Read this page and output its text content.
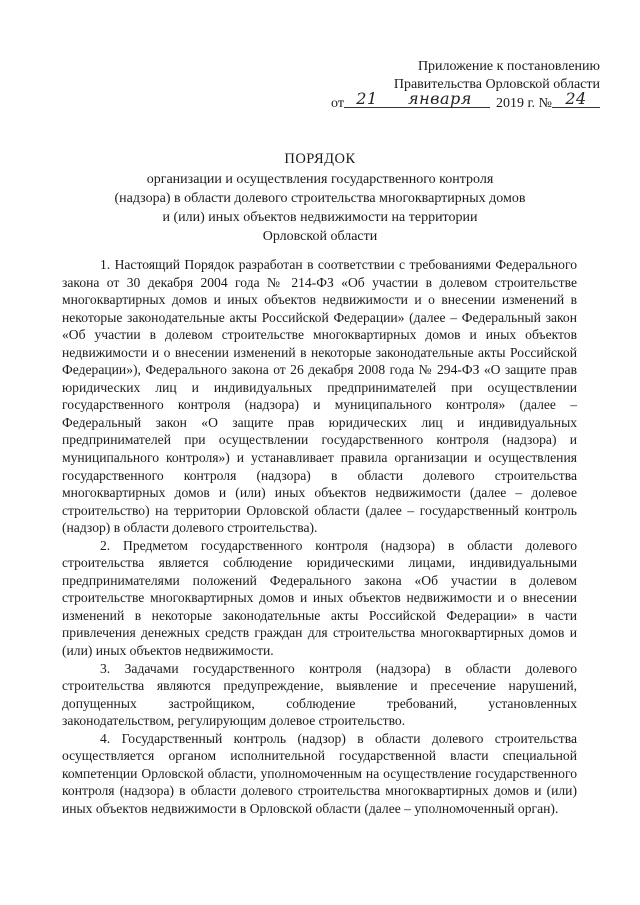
Приложение к постановлению
Правительства Орловской области
от 21	января	2019 г. № 24
ПОРЯДОК
организации и осуществления государственного контроля
(надзора) в области долевого строительства многоквартирных домов
и (или) иных объектов недвижимости на территории
Орловской области

1. Настоящий Порядок разработан в соответствии с требованиями Федерального закона от 30 декабря 2004 года № 214-ФЗ «Об участии в долевом строительстве многоквартирных домов и иных объектов недвижимости и о внесении изменений в некоторые законодательные акты Российской Федерации» (далее – Федеральный закон «Об участии в долевом строительстве многоквартирных домов и иных объектов недвижимости и о внесении изменений в некоторые законодательные акты Российской Федерации»), Федерального закона от 26 декабря 2008 года № 294-ФЗ «О защите прав юридических лиц и индивидуальных предпринимателей при осуществлении государственного контроля (надзора) и муниципального контроля» (далее – Федеральный закон «О защите прав юридических лиц и индивидуальных предпринимателей при осуществлении государственного контроля (надзора) и муниципального контроля») и устанавливает правила организации и осуществления государственного контроля (надзора) в области долевого строительства многоквартирных домов и (или) иных объектов недвижимости (далее – долевое строительство) на территории Орловской области (далее – государственный контроль (надзор) в области долевого строительства).

2. Предметом государственного контроля (надзора) в области долевого строительства является соблюдение юридическими лицами, индивидуальными предпринимателями положений Федерального закона «Об участии в долевом строительстве многоквартирных домов и иных объектов недвижимости и о внесении изменений в некоторые законодательные акты Российской Федерации» в части привлечения денежных средств граждан для строительства многоквартирных домов и (или) иных объектов недвижимости.

3. Задачами государственного контроля (надзора) в области долевого строительства являются предупреждение, выявление и пресечение нарушений, допущенных застройщиком, соблюдение требований, установленных законодательством, регулирующим долевое строительство.

4. Государственный контроль (надзор) в области долевого строительства осуществляется органом исполнительной государственной власти специальной компетенции Орловской области, уполномоченным на осуществление государственного контроля (надзора) в области долевого строительства многоквартирных домов и (или) иных объектов недвижимости в Орловской области (далее – уполномоченный орган).
